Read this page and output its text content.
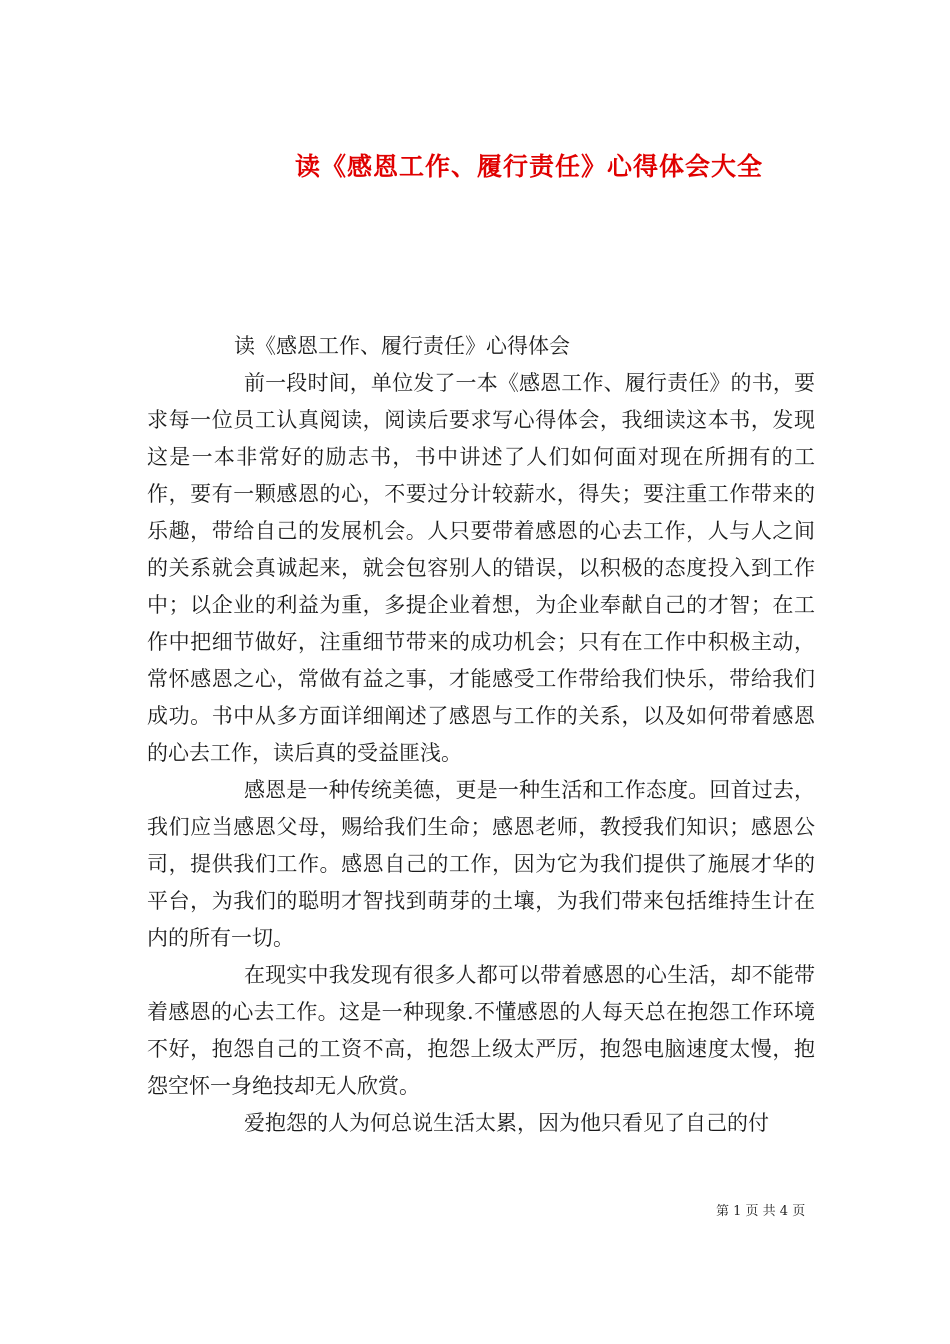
读《感恩工作、履行责任》心得体会大全

读《感恩工作、履行责任》心得体会

前一段时间，单位发了一本《感恩工作、履行责任》的书，要求每一位员工认真阅读，阅读后要求写心得体会，我细读这本书，发现这是一本非常好的励志书，书中讲述了人们如何面对现在所拥有的工作，要有一颗感恩的心，不要过分计较薪水，得失；要注重工作带来的乐趣，带给自己的发展机会。人只要带着感恩的心去工作，人与人之间的关系就会真诚起来，就会包容别人的错误，以积极的态度投入到工作中；以企业的利益为重，多提企业着想，为企业奉献自己的才智；在工作中把细节做好，注重细节带来的成功机会；只有在工作中积极主动，常怀感恩之心，常做有益之事，才能感受工作带给我们快乐，带给我们成功。书中从多方面详细阐述了感恩与工作的关系，以及如何带着感恩的心去工作，读后真的受益匪浅。

感恩是一种传统美德，更是一种生活和工作态度。回首过去，我们应当感恩父母，赐给我们生命；感恩老师，教授我们知识；感恩公司，提供我们工作。感恩自己的工作，因为它为我们提供了施展才华的平台，为我们的聪明才智找到萌芽的土壤，为我们带来包括维持生计在内的所有一切。

在现实中我发现有很多人都可以带着感恩的心生活，却不能带着感恩的心去工作。这是一种现象.不懂感恩的人每天总在抱怨工作环境不好，抱怨自己的工资不高，抱怨上级太严厉，抱怨电脑速度太慢，抱怨空怀一身绝技却无人欣赏。

爱抱怨的人为何总说生活太累，因为他只看见了自己的付

第 1 页 共 4 页
